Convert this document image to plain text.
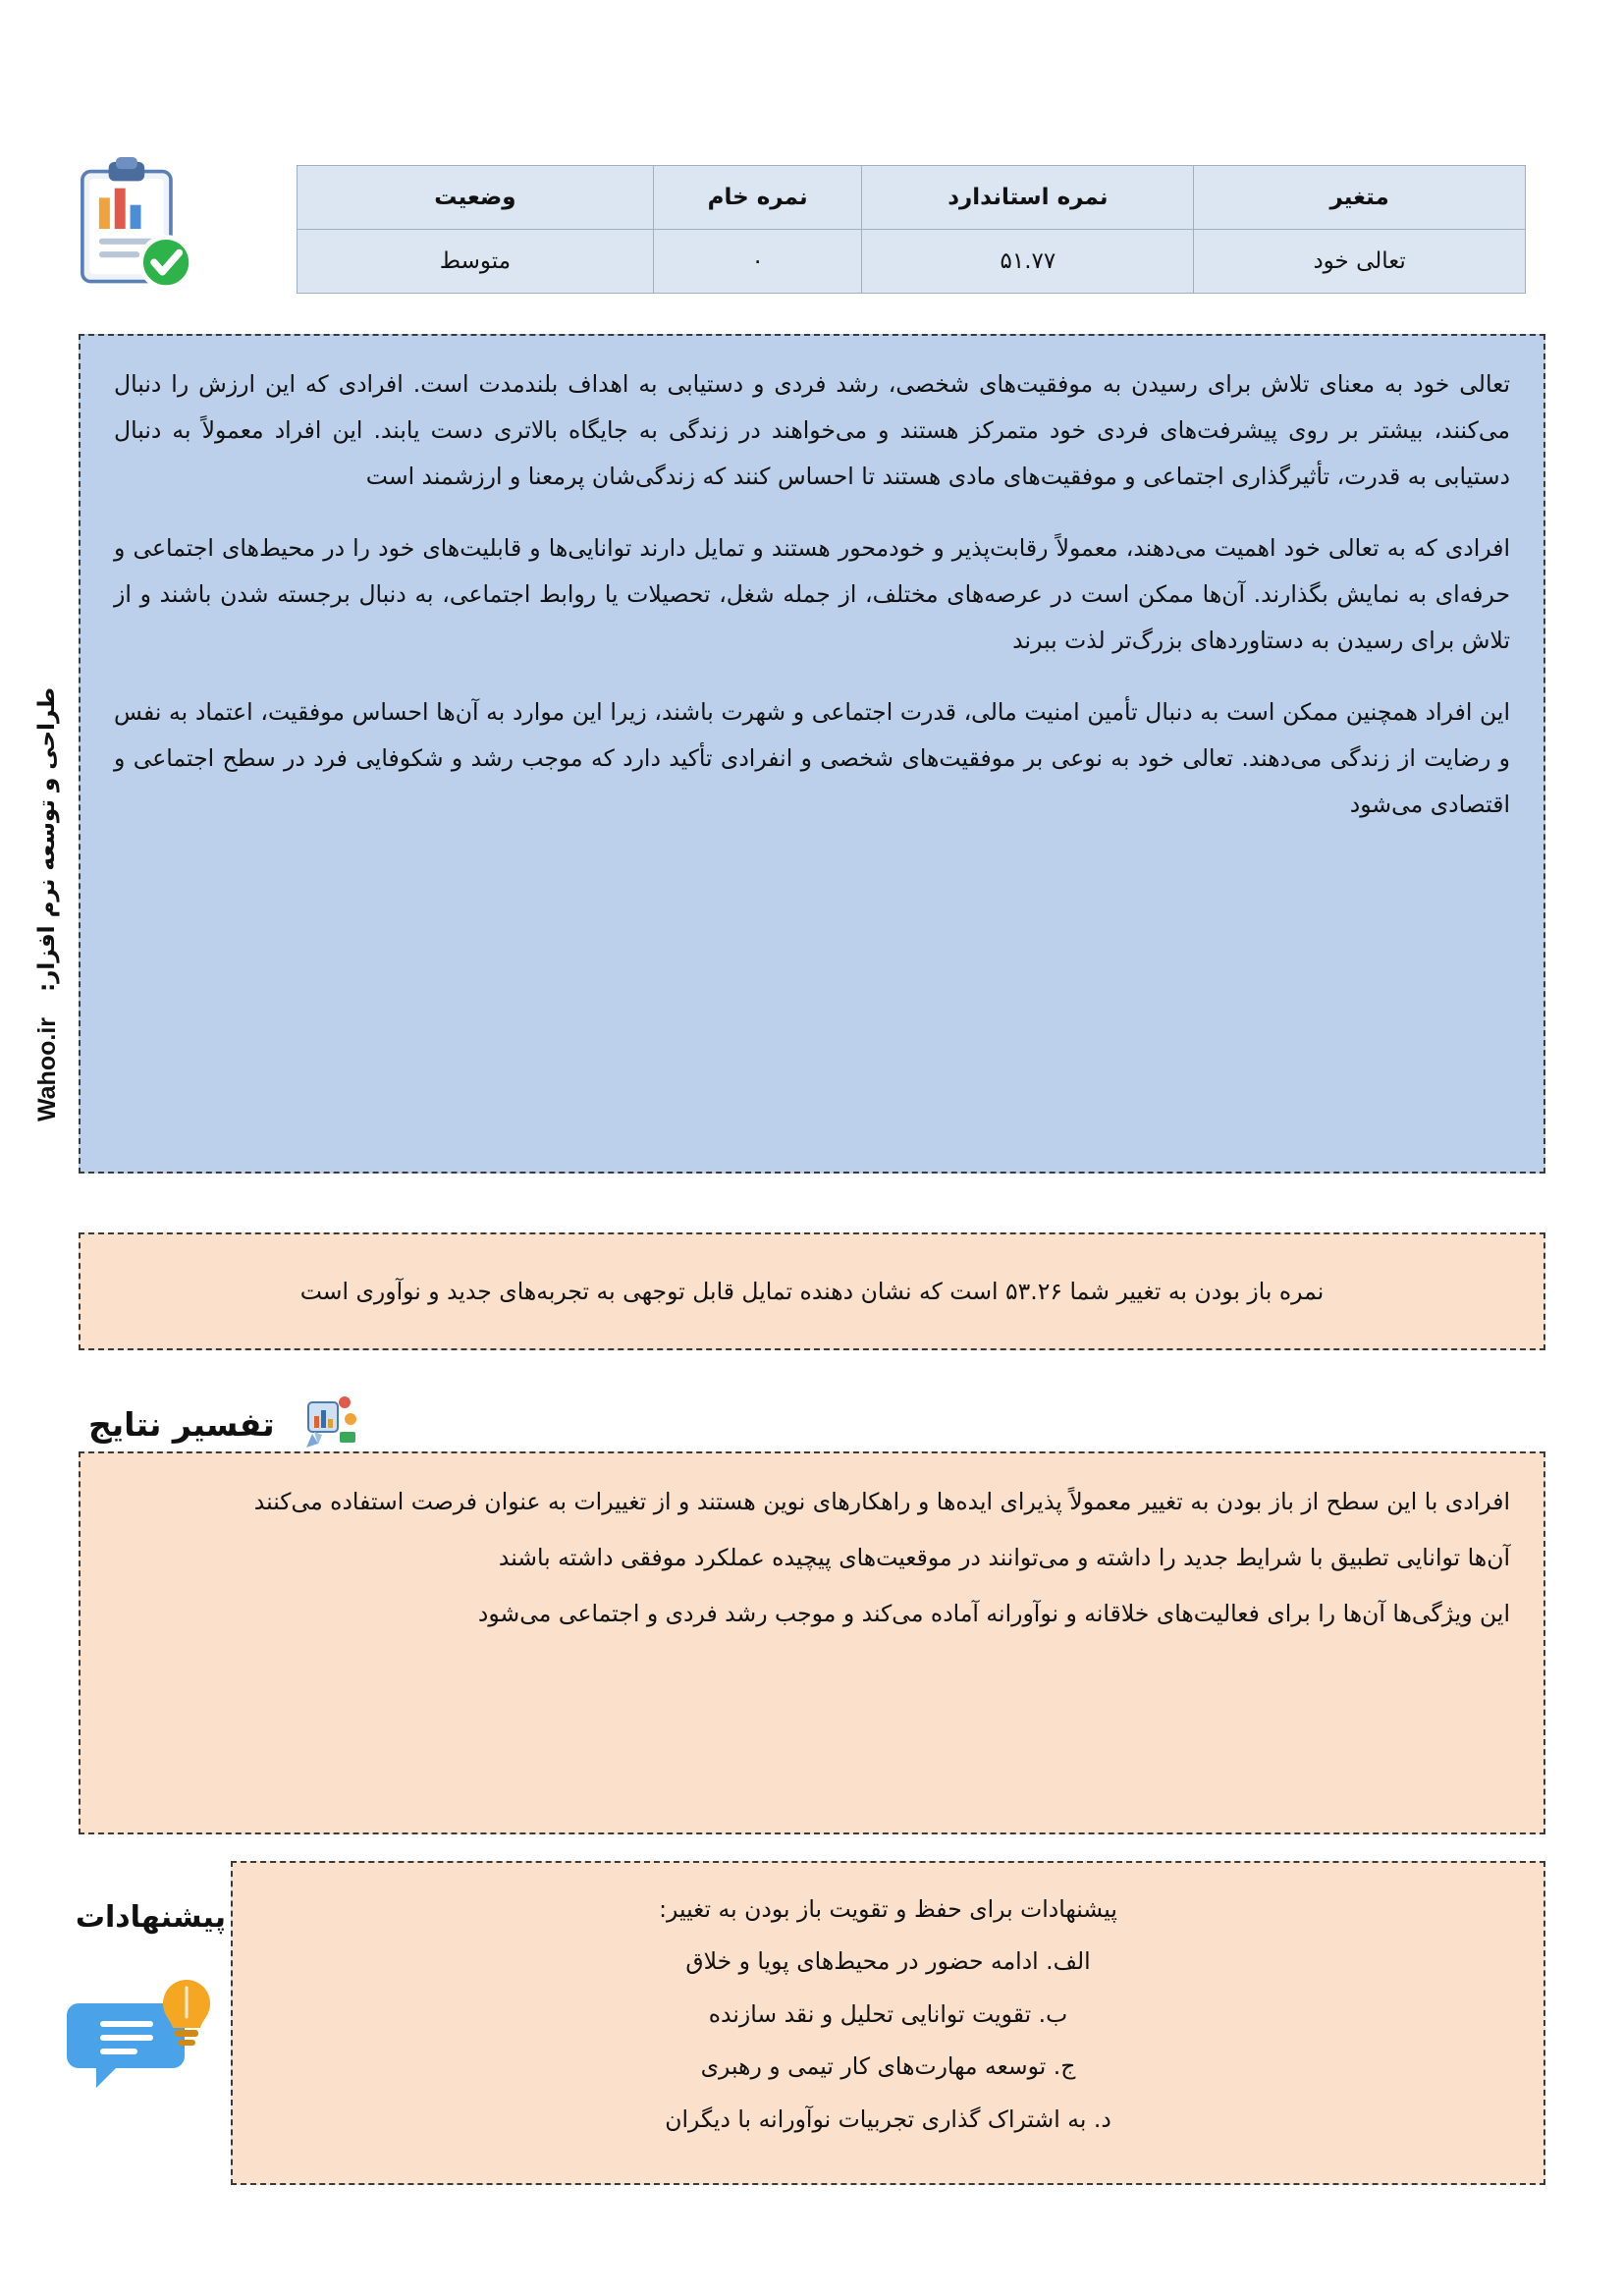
طراحی و توسعه نرم افزار:
Wahoo.ir
متغیر	نمره استاندارد	نمره خام	وضعیت
تعالی خود	۵۱.۷۷	۰	متوسط

تعالی خود به معنای تلاش برای رسیدن به موفقیت‌های شخصی، رشد فردی و دستیابی به اهداف بلندمدت است. افرادی که این ارزش را دنبال می‌کنند، بیشتر بر روی پیشرفت‌های فردی خود متمرکز هستند و می‌خواهند در زندگی به جایگاه بالاتری دست یابند. این افراد معمولاً به دنبال دستیابی به قدرت، تأثیرگذاری اجتماعی و موفقیت‌های مادی هستند تا احساس کنند که زندگی‌شان پرمعنا و ارزشمند است

افرادی که به تعالی خود اهمیت می‌دهند، معمولاً رقابت‌پذیر و خودمحور هستند و تمایل دارند توانایی‌ها و قابلیت‌های خود را در محیط‌های اجتماعی و حرفه‌ای به نمایش بگذارند. آن‌ها ممکن است در عرصه‌های مختلف، از جمله شغل، تحصیلات یا روابط اجتماعی، به دنبال برجسته شدن باشند و از تلاش برای رسیدن به دستاوردهای بزرگ‌تر لذت ببرند

این افراد همچنین ممکن است به دنبال تأمین امنیت مالی، قدرت اجتماعی و شهرت باشند، زیرا این موارد به آن‌ها احساس موفقیت، اعتماد به نفس و رضایت از زندگی می‌دهند. تعالی خود به نوعی بر موفقیت‌های شخصی و انفرادی تأکید دارد که موجب رشد و شکوفایی فرد در سطح اجتماعی و اقتصادی می‌شود

نمره باز بودن به تغییر شما ۵۳.۲۶ است که نشان دهنده تمایل قابل توجهی به تجربه‌های جدید و نوآوری است

تفسیر نتایج

افرادی با این سطح از باز بودن به تغییر معمولاً پذیرای ایده‌ها و راهکارهای نوین هستند و از تغییرات به عنوان فرصت استفاده می‌کنند

آن‌ها توانایی تطبیق با شرایط جدید را داشته و می‌توانند در موقعیت‌های پیچیده عملکرد موفقی داشته باشند

این ویژگی‌ها آن‌ها را برای فعالیت‌های خلاقانه و نوآورانه آماده می‌کند و موجب رشد فردی و اجتماعی می‌شود

پیشنهادات	پیشنهادات برای حفظ و تقویت باز بودن به تغییر:

الف. ادامه حضور در محیط‌های پویا و خلاق

ب. تقویت توانایی تحلیل و نقد سازنده

ج. توسعه مهارت‌های کار تیمی و رهبری

د. به اشتراک گذاری تجربیات نوآورانه با دیگران
